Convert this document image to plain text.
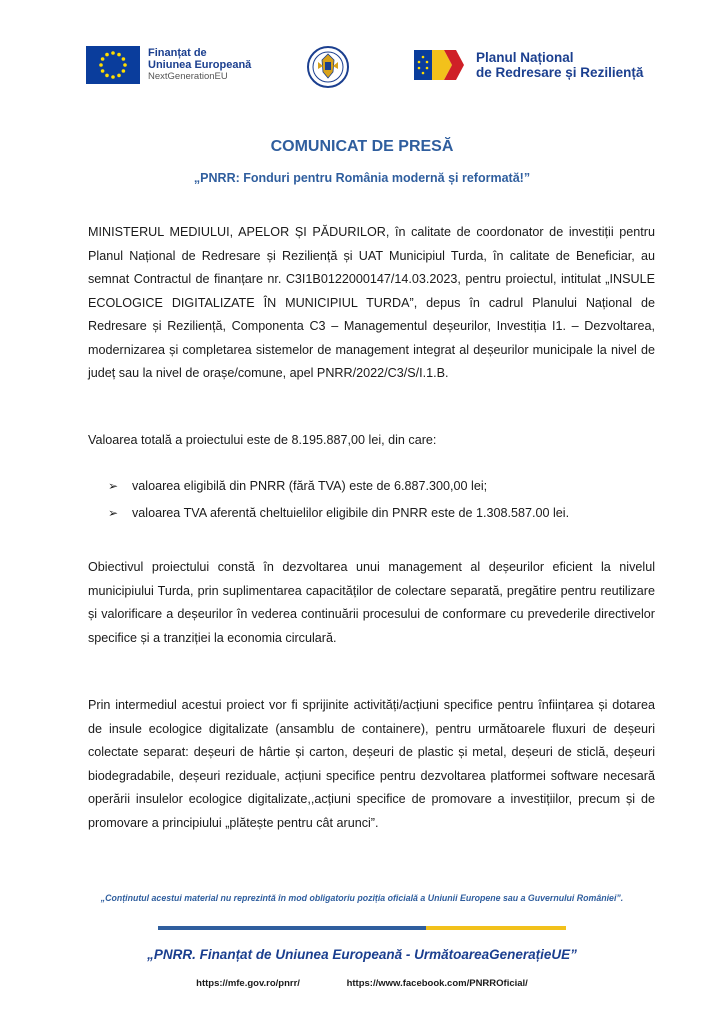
Finanțat de
Uniunea Europeană
NextGenerationEU
Planul Național
de Redresare și Reziliență
COMUNICAT DE PRESĂ
„PNRR: Fonduri pentru România modernă și reformată!”

MINISTERUL MEDIULUI, APELOR ȘI PĂDURILOR, în calitate de coordonator de investiții pentru Planul Național de Redresare și Reziliență și UAT Municipiul Turda, în calitate de Beneficiar, au semnat Contractul de finanțare nr. C3I1B0122000147/14.03.2023, pentru proiectul, intitulat „INSULE ECOLOGICE DIGITALIZATE ÎN MUNICIPIUL TURDA”, depus în cadrul Planului Național de Redresare și Reziliență, Componenta C3 – Managementul deșeurilor, Investiția I1. – Dezvoltarea, modernizarea și completarea sistemelor de management integrat al deșeurilor municipale la nivel de județ sau la nivel de orașe/comune, apel PNRR/2022/C3/S/I.1.B.

Valoarea totală a proiectului este de 8.195.887,00 lei, din care:

➢	valoarea eligibilă din PNRR (fără TVA) este de 6.887.300,00 lei;
➢	valoarea TVA aferentă cheltuielilor eligibile din PNRR este de 1.308.587.00 lei.

Obiectivul proiectului constă în dezvoltarea unui management al deșeurilor eficient la nivelul municipiului Turda, prin suplimentarea capacităților de colectare separată, pregătire pentru reutilizare și valorificare a deșeurilor în vederea continuării procesului de conformare cu prevederile directivelor specifice și a tranziției la economia circulară.

Prin intermediul acestui proiect vor fi sprijinite activități/acțiuni specifice pentru înființarea și dotarea de insule ecologice digitalizate (ansamblu de containere), pentru următoarele fluxuri de deșeuri colectate separat: deșeuri de hârtie și carton, deșeuri de plastic și metal, deșeuri de sticlă, deșeuri biodegradabile, deșeuri reziduale, acțiuni specifice pentru dezvoltarea platformei software necesară operării insulelor ecologice digitalizate,,acțiuni specifice de promovare a investițiilor, precum și de promovare a principiului „plătește pentru cât arunci”.

„Conținutul acestui material nu reprezintă în mod obligatoriu poziția oficială a Uniunii Europene sau a Guvernului României”.
„PNRR. Finanțat de Uniunea Europeană - UrmătoareaGenerațieUE”
https://mfe.gov.ro/pnrr/	https://www.facebook.com/PNRROficial/
